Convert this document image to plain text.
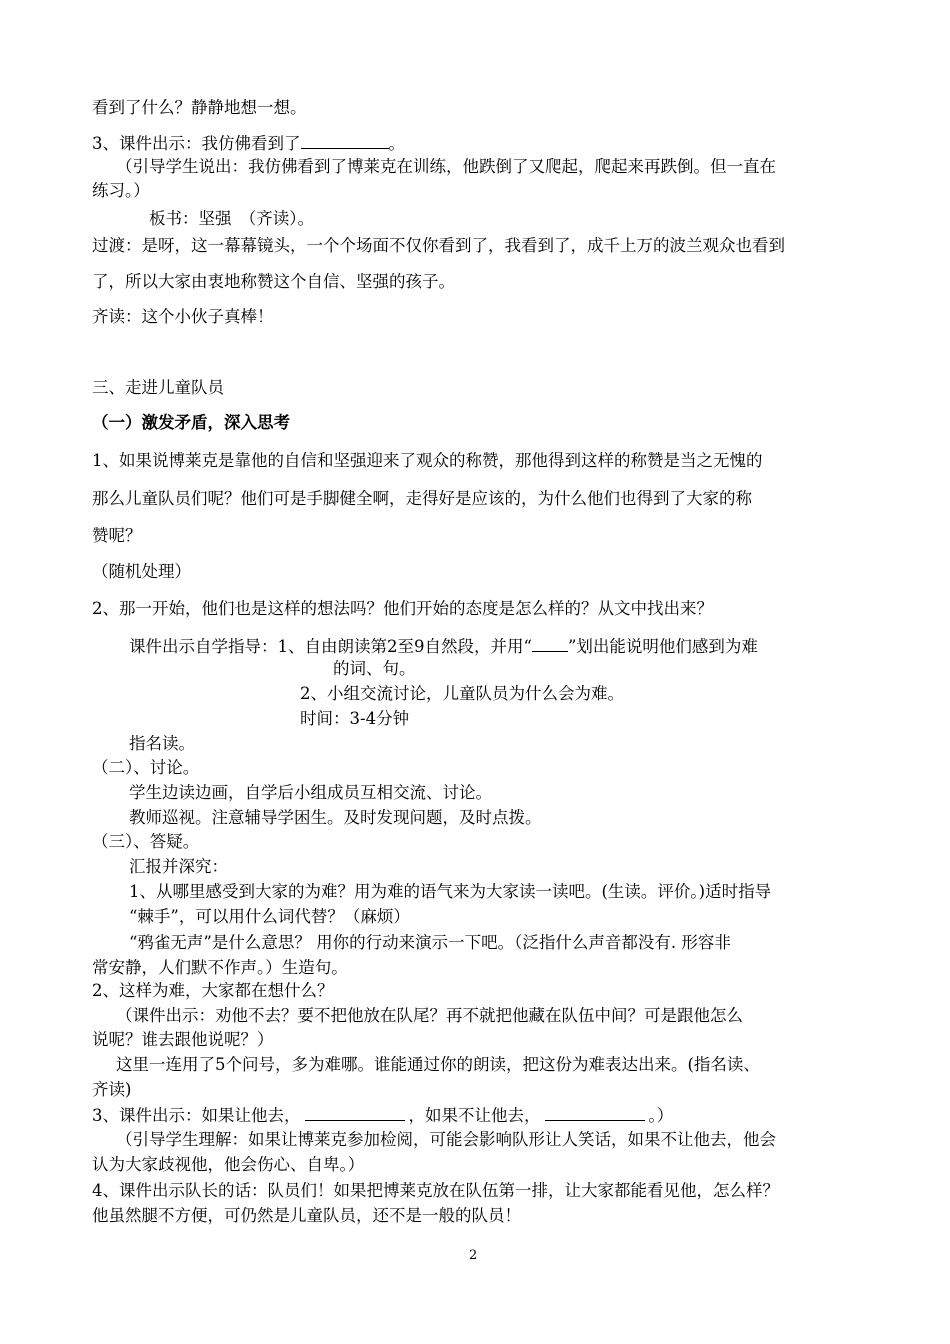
看到了什么？静静地想一想。
3、课件出示：我仿佛看到了	。
（引导学生说出：我仿佛看到了博莱克在训练，他跌倒了又爬起，爬起来再跌倒。但一直在
练习。）
板书：坚强　（齐读）。
过渡：是呀，这一幕幕镜头，一个个场面不仅你看到了，我看到了，成千上万的波兰观众也看到
了，所以大家由衷地称赞这个自信、坚强的孩子。
齐读：这个小伙子真棒！
三、走进儿童队员
（一）激发矛盾，深入思考
1、如果说博莱克是靠他的自信和坚强迎来了观众的称赞，那他得到这样的称赞是当之无愧的
那么儿童队员们呢？他们可是手脚健全啊，走得好是应该的，为什么他们也得到了大家的称
赞呢？
（随机处理）
2、那一开始，他们也是这样的想法吗？他们开始的态度是怎么样的？从文中找出来？
课件出示自学指导：1、自由朗读第2至9自然段，并用“ ”划出能说明他们感到为难
的词、句。
2、小组交流讨论，儿童队员为什么会为难。
时间：3-4分钟
指名读。
（二）、讨论。
学生边读边画，自学后小组成员互相交流、讨论。
教师巡视。注意辅导学困生。及时发现问题，及时点拨。
（三）、答疑。
汇报并深究：
1、从哪里感受到大家的为难？用为难的语气来为大家读一读吧。(生读。评价。)适时指导
“棘手”，可以用什么词代替？（麻烦）
“鸦雀无声”是什么意思？ 用你的行动来演示一下吧。（泛指什么声音都没有. 形容非
常安静，人们默不作声。）生造句。
2、这样为难，大家都在想什么？
（课件出示：劝他不去？要不把他放在队尾？再不就把他藏在队伍中间？可是跟他怎么
说呢？谁去跟他说呢？）
这里一连用了5个问号，多为难哪。谁能通过你的朗读，把这份为难表达出来。(指名读、
齐读)
3、课件出示：如果让他去，	，如果不让他去，	。）
（引导学生理解：如果让博莱克参加检阅，可能会影响队形让人笑话，如果不让他去，他会
认为大家歧视他，他会伤心、自卑。）
4、课件出示队长的话：队员们！如果把博莱克放在队伍第一排，让大家都能看见他，怎么样？
他虽然腿不方便，可仍然是儿童队员，还不是一般的队员！
2
